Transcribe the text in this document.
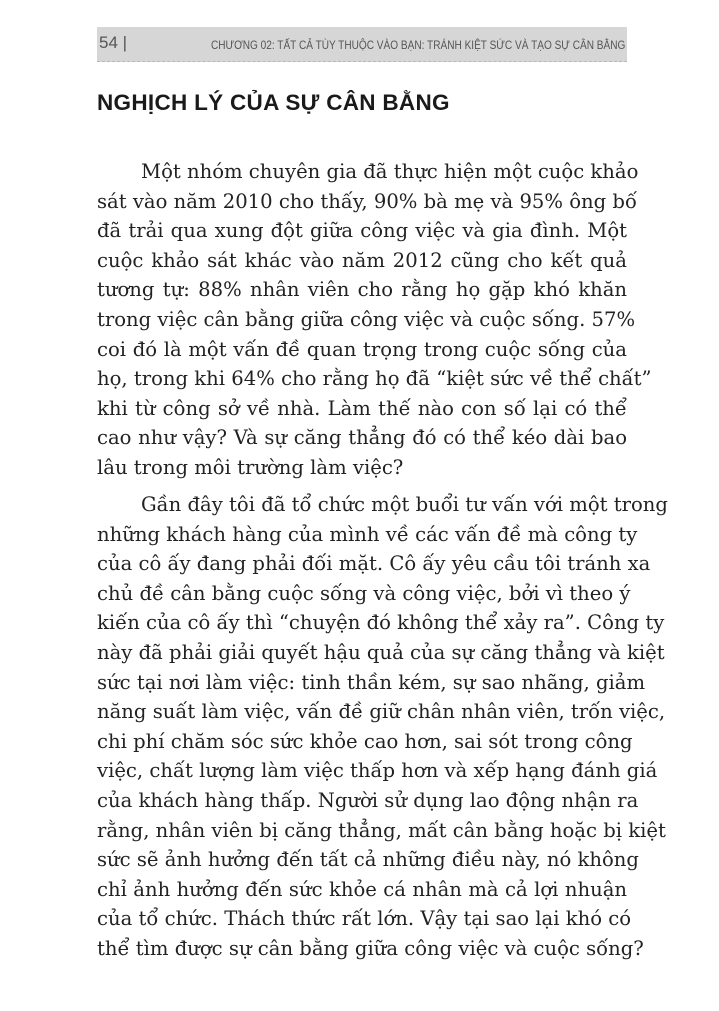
54 |	CHƯƠNG 02: TẤT CẢ TÙY THUỘC VÀO BẠN: TRÁNH KIỆT SỨC VÀ TẠO SỰ CÂN BẰNG
NGHỊCH LÝ CỦA SỰ CÂN BẰNG
Một nhóm chuyên gia đã thực hiện một cuộc khảo
sát vào năm 2010 cho thấy, 90% bà mẹ và 95% ông bố
đã trải qua xung đột giữa công việc và gia đình. Một
cuộc khảo sát khác vào năm 2012 cũng cho kết quả
tương tự: 88% nhân viên cho rằng họ gặp khó khăn
trong việc cân bằng giữa công việc và cuộc sống. 57%
coi đó là một vấn đề quan trọng trong cuộc sống của
họ, trong khi 64% cho rằng họ đã “kiệt sức về thể chất”
khi từ công sở về nhà. Làm thế nào con số lại có thể
cao như vậy? Và sự căng thẳng đó có thể kéo dài bao
lâu trong môi trường làm việc?
Gần đây tôi đã tổ chức một buổi tư vấn với một trong
những khách hàng của mình về các vấn đề mà công ty
của cô ấy đang phải đối mặt. Cô ấy yêu cầu tôi tránh xa
chủ đề cân bằng cuộc sống và công việc, bởi vì theo ý
kiến của cô ấy thì “chuyện đó không thể xảy ra”. Công ty
này đã phải giải quyết hậu quả của sự căng thẳng và kiệt
sức tại nơi làm việc: tinh thần kém, sự sao nhãng, giảm
năng suất làm việc, vấn đề giữ chân nhân viên, trốn việc,
chi phí chăm sóc sức khỏe cao hơn, sai sót trong công
việc, chất lượng làm việc thấp hơn và xếp hạng đánh giá
của khách hàng thấp. Người sử dụng lao động nhận ra
rằng, nhân viên bị căng thẳng, mất cân bằng hoặc bị kiệt
sức sẽ ảnh hưởng đến tất cả những điều này, nó không
chỉ ảnh hưởng đến sức khỏe cá nhân mà cả lợi nhuận
của tổ chức. Thách thức rất lớn. Vậy tại sao lại khó có
thể tìm được sự cân bằng giữa công việc và cuộc sống?
